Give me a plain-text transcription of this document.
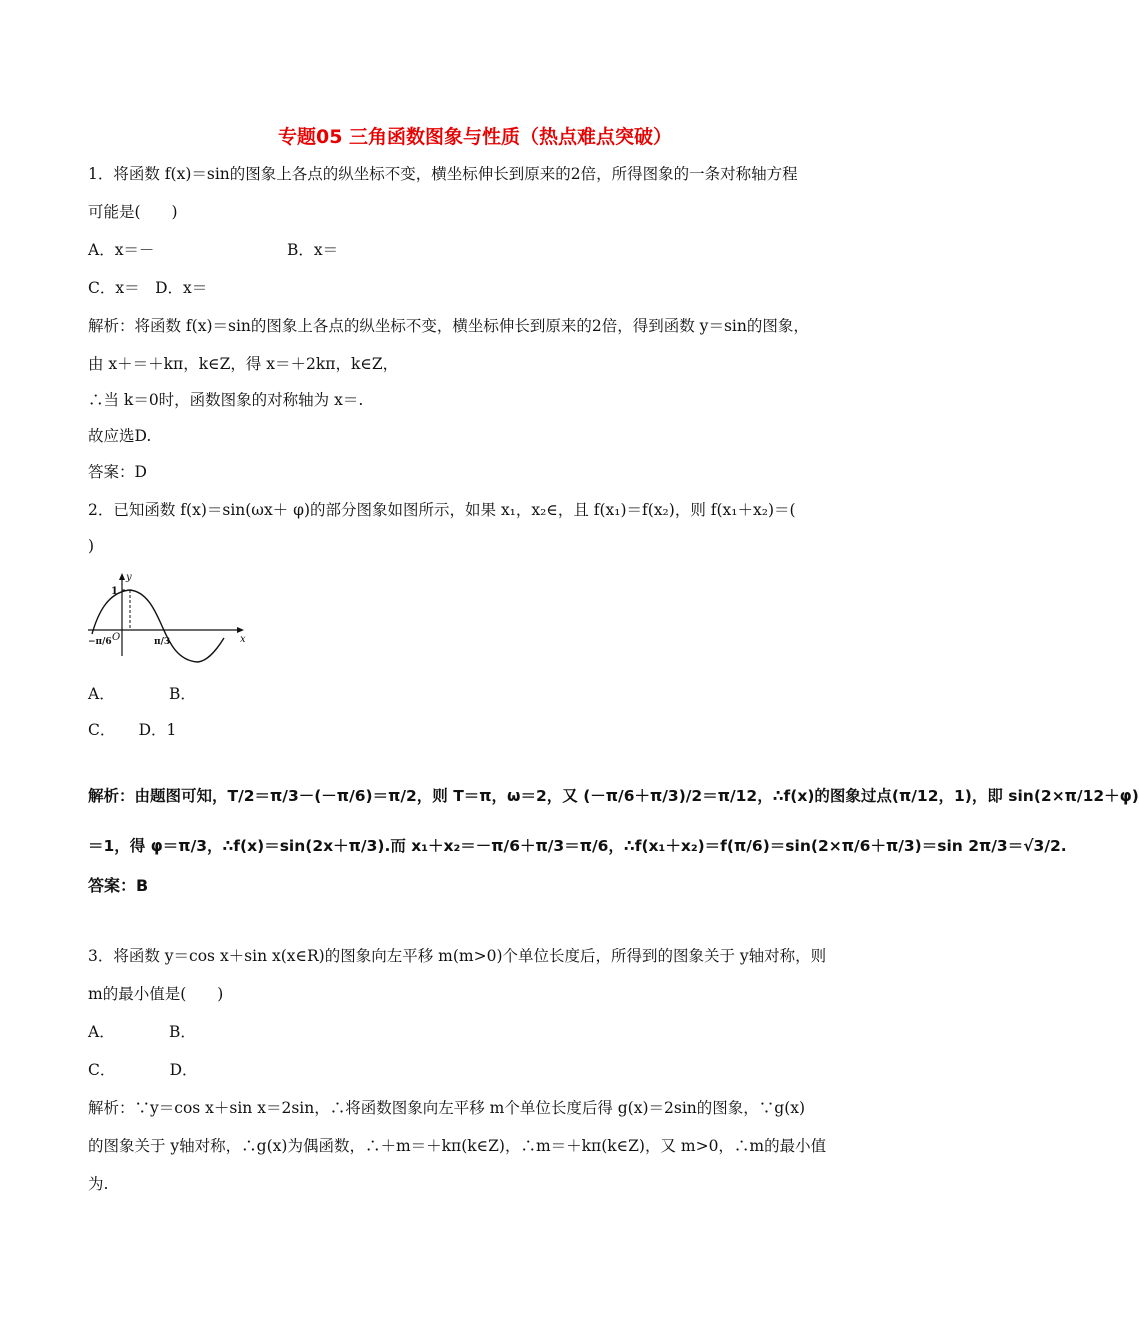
专题05 三角函数图象与性质（热点难点突破）
1．将函数 f(x)＝sin的图象上各点的纵坐标不变，横坐标伸长到原来的2倍，所得图象的一条对称轴方程
可能是(　　)
A．x＝－	B．x＝
C．x＝　D．x＝
解析：将函数 f(x)＝sin的图象上各点的纵坐标不变，横坐标伸长到原来的2倍，得到函数 y＝sin的图象，
由 x＋＝＋kπ，k∈Z，得 x＝＋2kπ，k∈Z，
∴当 k＝0时，函数图象的对称轴为 x＝.
故应选D.
答案：D
2．已知函数 f(x)＝sin(ωx＋ φ)的部分图象如图所示，如果 x₁，x₂∈，且 f(x₁)＝f(x₂)，则 f(x₁＋x₂)＝(
)
y
x
1
O
−π/6	π/3
A．　　　　B．
C．　　D．1
解析：由题图可知，T/2＝π/3－(－π/6)＝π/2，则 T＝π，ω＝2，又 (－π/6＋π/3)/2＝π/12，∴f(x)的图象过点(π/12，1)，即 sin(2×π/12＋φ)
＝1，得 φ＝π/3，∴f(x)＝sin(2x＋π/3).而 x₁＋x₂＝－π/6＋π/3＝π/6，∴f(x₁＋x₂)＝f(π/6)＝sin(2×π/6＋π/3)＝sin 2π/3＝√3/2.
答案：B
3．将函数 y＝cos x＋sin x(x∈R)的图象向左平移 m(m>0)个单位长度后，所得到的图象关于 y轴对称，则
m的最小值是(　　)
A．　　　　B．
C．　　　　D．
解析：∵y＝cos x＋sin x＝2sin，∴将函数图象向左平移 m个单位长度后得 g(x)＝2sin的图象，∵g(x)
的图象关于 y轴对称，∴g(x)为偶函数，∴＋m＝＋kπ(k∈Z)，∴m＝＋kπ(k∈Z)，又 m>0，∴m的最小值
为.
